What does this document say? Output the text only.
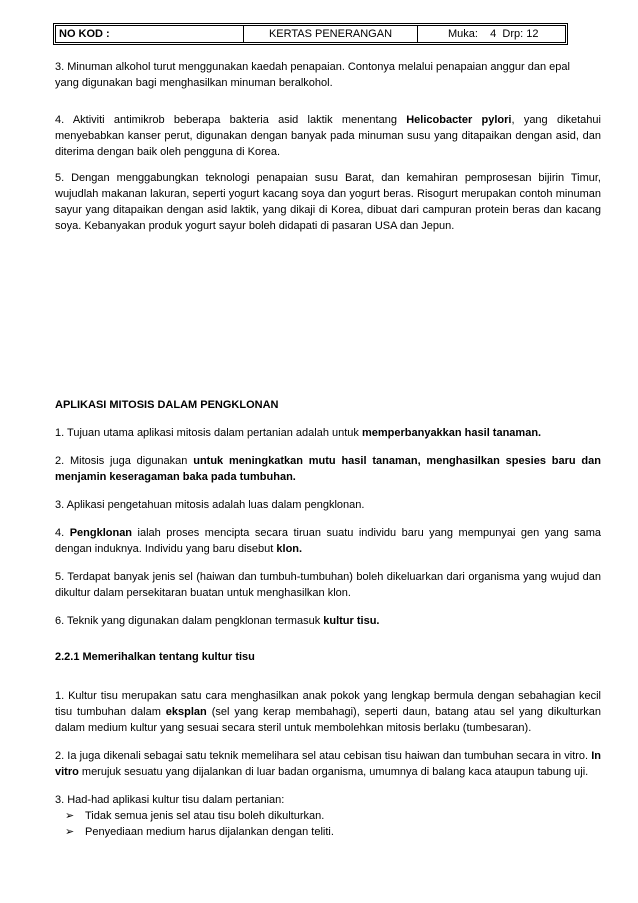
NO KOD :	KERTAS PENERANGAN	Muka:    4  Drp: 12

3. Minuman alkohol turut menggunakan kaedah penapaian. Contonya melalui penapaian anggur dan epal yang digunakan bagi menghasilkan minuman beralkohol.

4. Aktiviti antimikrob beberapa bakteria asid laktik menentang Helicobacter pylori, yang diketahui menyebabkan kanser perut, digunakan dengan banyak pada minuman susu yang ditapaikan dengan asid, dan diterima dengan baik oleh pengguna di Korea.

5. Dengan menggabungkan teknologi penapaian susu Barat, dan kemahiran pemprosesan bijirin Timur, wujudlah makanan lakuran, seperti yogurt kacang soya dan yogurt beras. Risogurt merupakan contoh minuman sayur yang ditapaikan dengan asid laktik, yang dikaji di Korea, dibuat dari campuran protein beras dan kacang soya. Kebanyakan produk yogurt sayur boleh didapati di pasaran USA dan Jepun.

APLIKASI MITOSIS DALAM PENGKLONAN

1. Tujuan utama aplikasi mitosis dalam pertanian adalah untuk memperbanyakkan hasil tanaman.

2. Mitosis juga digunakan untuk meningkatkan mutu hasil tanaman, menghasilkan spesies baru dan menjamin keseragaman baka pada tumbuhan.

3. Aplikasi pengetahuan mitosis adalah luas dalam pengklonan.

4. Pengklonan ialah proses mencipta secara tiruan suatu individu baru yang mempunyai gen yang sama dengan induknya. Individu yang baru disebut klon.

5. Terdapat banyak jenis sel (haiwan dan tumbuh-tumbuhan) boleh dikeluarkan dari organisma yang wujud dan dikultur dalam persekitaran buatan untuk menghasilkan klon.

6. Teknik yang digunakan dalam pengklonan termasuk kultur tisu.

2.2.1 Memerihalkan tentang kultur tisu

1. Kultur tisu merupakan satu cara menghasilkan anak pokok yang lengkap bermula dengan sebahagian kecil tisu tumbuhan dalam eksplan (sel yang kerap membahagi), seperti daun, batang atau sel yang dikulturkan dalam medium kultur yang sesuai secara steril untuk membolehkan mitosis berlaku (tumbesaran).

2. Ia juga dikenali sebagai satu teknik memelihara sel atau cebisan tisu haiwan dan tumbuhan secara in vitro. In vitro merujuk sesuatu yang dijalankan di luar badan organisma, umumnya di balang kaca ataupun tabung uji.

3. Had-had aplikasi kultur tisu dalam pertanian:

➢ Tidak semua jenis sel atau tisu boleh dikulturkan.
➢ Penyediaan medium harus dijalankan dengan teliti.
